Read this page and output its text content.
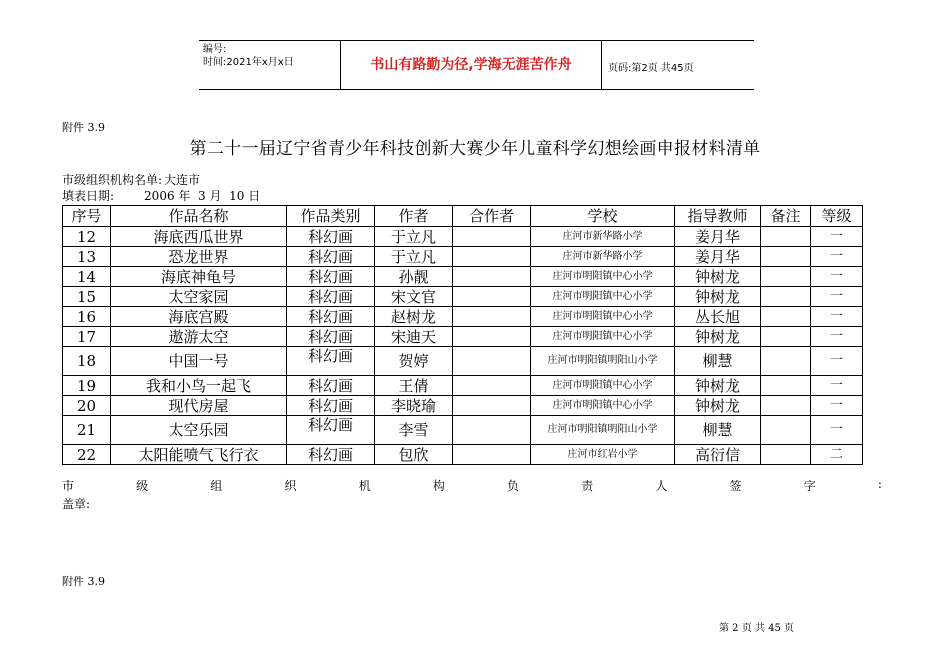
编号:
时间:2021年x月x日	书山有路勤为径,学海无涯苦作舟	页码:第2页 共45页
附件 3.9
第二十一届辽宁省青少年科技创新大赛少年儿童科学幻想绘画申报材料清单
市级组织机构名单: 大连市
填表日期:	2006 年  3 月  10 日
序号	作品名称	作品类别	作者	合作者	学校	指导教师	备注	等级
12	海底西瓜世界	科幻画	于立凡		庄河市新华路小学	姜月华		一
13	恐龙世界	科幻画	于立凡		庄河市新华路小学	姜月华		一
14	海底神龟号	科幻画	孙靓		庄河市明阳镇中心小学	钟树龙		一
15	太空家园	科幻画	宋文官		庄河市明阳镇中心小学	钟树龙		一
16	海底宫殿	科幻画	赵树龙		庄河市明阳镇中心小学	丛长旭		一
17	遨游太空	科幻画	宋迪天		庄河市明阳镇中心小学	钟树龙		一
18	中国一号	科幻画	贺婷		庄河市明阳镇明阳山小学	柳慧		一
19	我和小鸟一起飞	科幻画	王倩		庄河市明阳镇中心小学	钟树龙		一
20	现代房屋	科幻画	李晓瑜		庄河市明阳镇中心小学	钟树龙		一
21	太空乐园	科幻画	李雪		庄河市明阳镇明阳山小学	柳慧		一
22	太阳能喷气飞行衣	科幻画	包欣		庄河市红岩小学	高衍信		二
市	级	组	织	机	构	负	责	人	签	字	:
盖章:
附件 3.9
第 2 页 共 45 页
